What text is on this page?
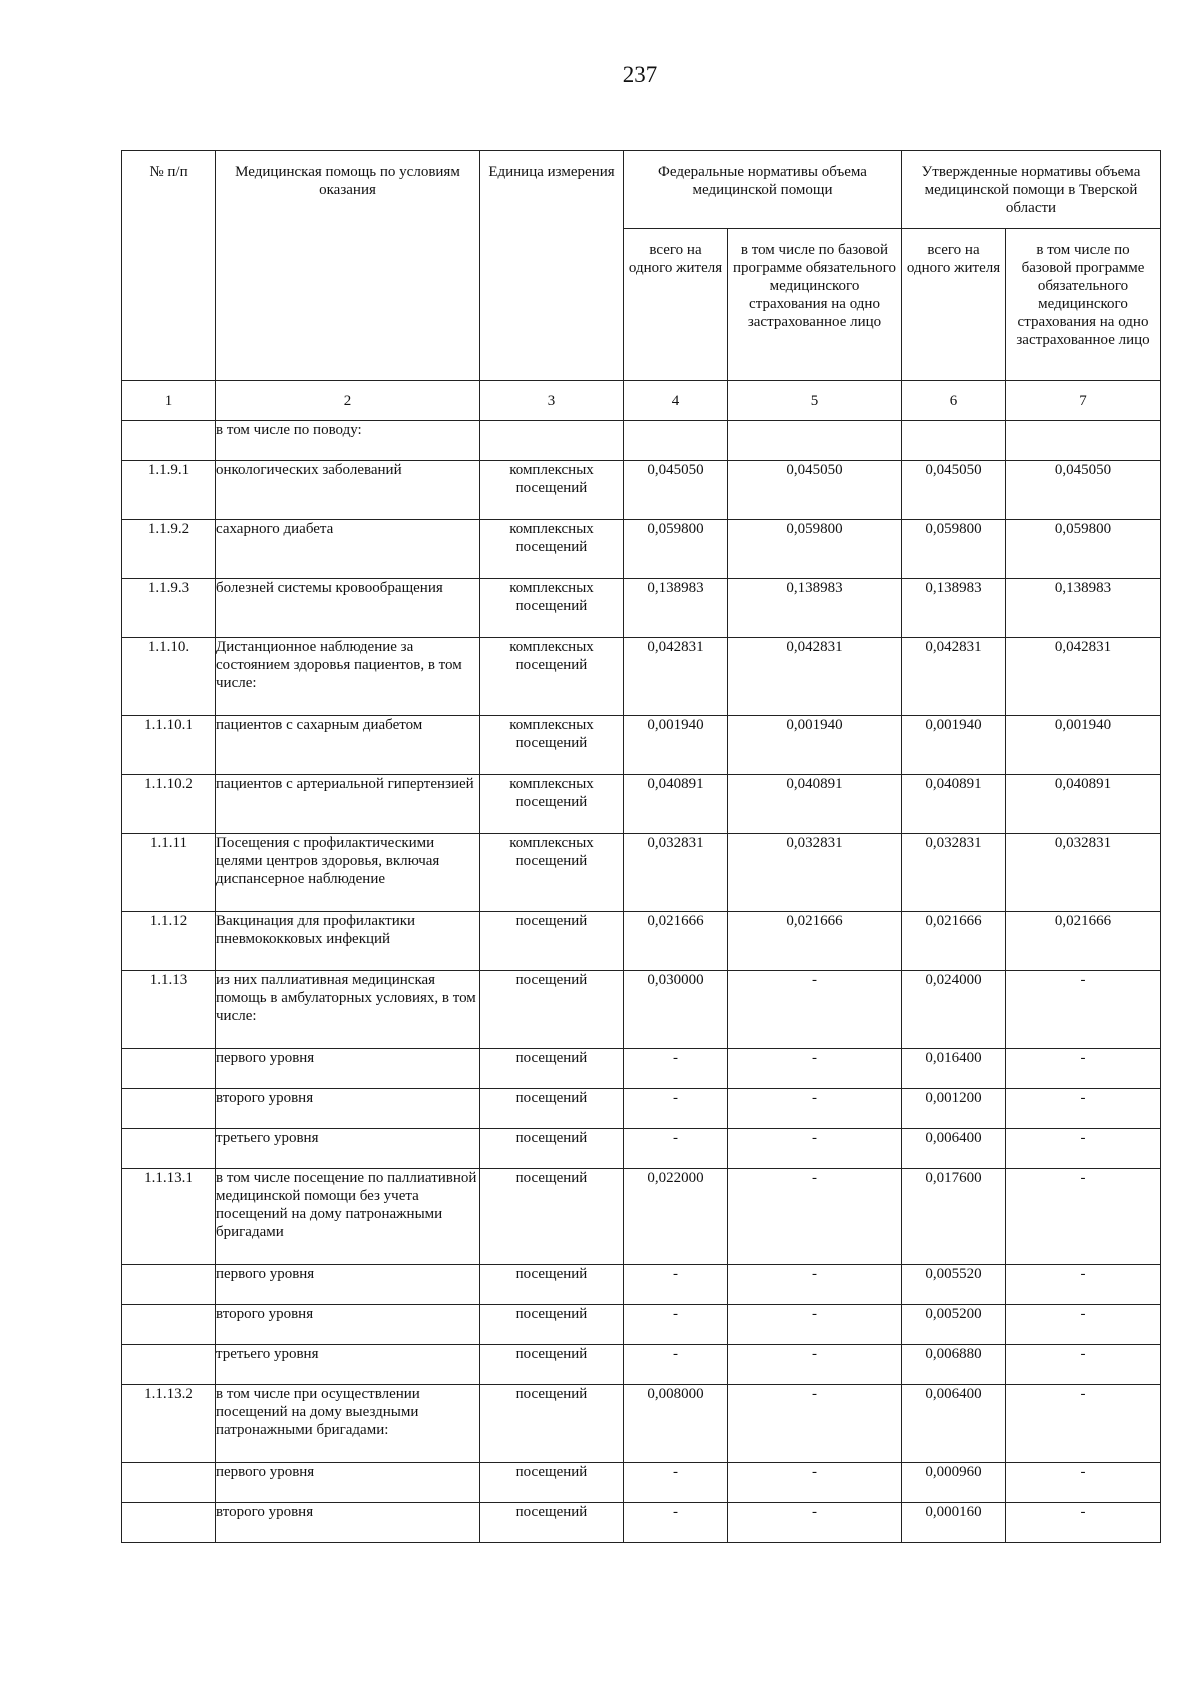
237
№ п/п	Медицинская помощь по условиям оказания	Единица измерения	Федеральные нормативы объема медицинской помощи		Утвержденные нормативы объема медицинской помощи в Тверской области	
			всего на одного жителя	в том числе по базовой программе обязательного медицинского страхования на одно застрахованное лицо	всего на одного жителя	в том числе по базовой программе обязательного медицинского страхования на одно застрахованное лицо
1	2	3	4	5	6	7
	в том числе по поводу:					
1.1.9.1	онкологических заболеваний	комплексных посещений	0,045050	0,045050	0,045050	0,045050
1.1.9.2	сахарного диабета	комплексных посещений	0,059800	0,059800	0,059800	0,059800
1.1.9.3	болезней системы кровообращения	комплексных посещений	0,138983	0,138983	0,138983	0,138983
1.1.10.	Дистанционное наблюдение за состоянием здоровья пациентов, в том числе:	комплексных посещений	0,042831	0,042831	0,042831	0,042831
1.1.10.1	пациентов с сахарным диабетом	комплексных посещений	0,001940	0,001940	0,001940	0,001940
1.1.10.2	пациентов с артериальной гипертензией	комплексных посещений	0,040891	0,040891	0,040891	0,040891
1.1.11	Посещения с профилактическими целями центров здоровья, включая диспансерное наблюдение	комплексных посещений	0,032831	0,032831	0,032831	0,032831
1.1.12	Вакцинация для профилактики пневмококковых инфекций	посещений	0,021666	0,021666	0,021666	0,021666
1.1.13	из них паллиативная медицинская помощь в амбулаторных условиях, в том числе:	посещений	0,030000	-	0,024000	-
	первого уровня	посещений	-	-	0,016400	-
	второго уровня	посещений	-	-	0,001200	-
	третьего уровня	посещений	-	-	0,006400	-
1.1.13.1	в том числе посещение по паллиативной медицинской помощи без учета посещений на дому патронажными бригадами	посещений	0,022000	-	0,017600	-
	первого уровня	посещений	-	-	0,005520	-
	второго уровня	посещений	-	-	0,005200	-
	третьего уровня	посещений	-	-	0,006880	-
1.1.13.2	в том числе при осуществлении посещений на дому выездными патронажными бригадами:	посещений	0,008000	-	0,006400	-
	первого уровня	посещений	-	-	0,000960	-
	второго уровня	посещений	-	-	0,000160	-
